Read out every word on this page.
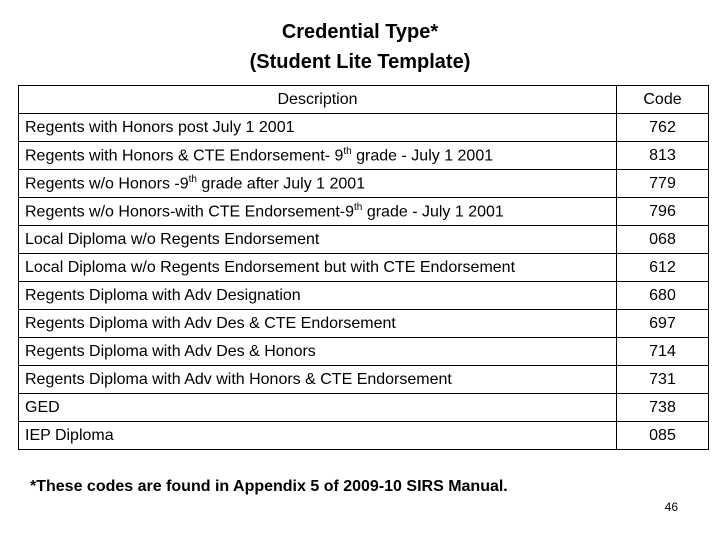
Credential Type*
(Student Lite Template)
Description	Code
Regents with Honors post July 1 2001	762
Regents with Honors & CTE Endorsement- 9th grade - July 1 2001	813
Regents w/o Honors -9th grade after July 1 2001	779
Regents w/o Honors-with CTE Endorsement-9th grade - July 1 2001	796
Local Diploma w/o Regents Endorsement	068
Local Diploma w/o Regents Endorsement but with CTE Endorsement	612
Regents Diploma with Adv Designation	680
Regents Diploma with Adv Des & CTE Endorsement	697
Regents Diploma with Adv Des & Honors	714
Regents Diploma with Adv with Honors & CTE Endorsement	731
GED	738
IEP Diploma	085
*These codes are found in Appendix 5 of 2009-10 SIRS Manual.
46
